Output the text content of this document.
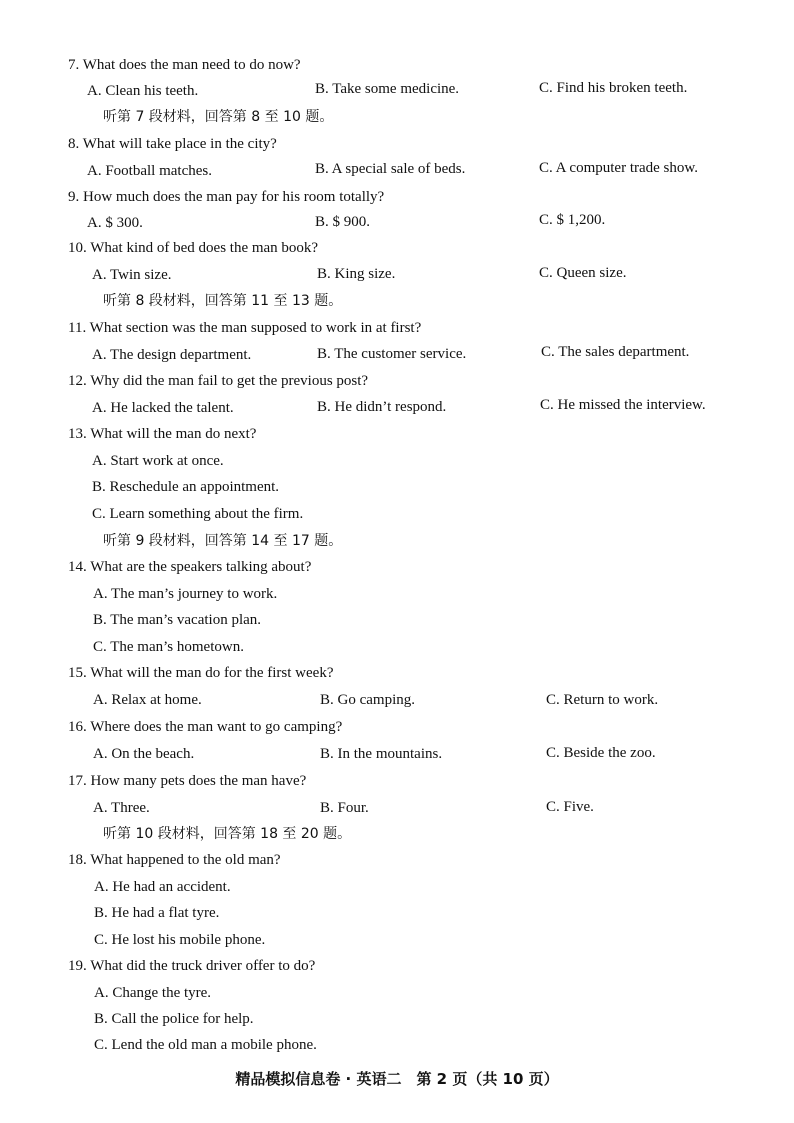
7. What does the man need to do now?
A. Clean his teeth.	B. Take some medicine.	C. Find his broken teeth.
听第 7 段材料，回答第 8 至 10 题。
8. What will take place in the city?
A. Football matches.	B. A special sale of beds.	C. A computer trade show.
9. How much does the man pay for his room totally?
A. $ 300.	B. $ 900.	C. $ 1,200.
10. What kind of bed does the man book?
A. Twin size.	B. King size.	C. Queen size.
听第 8 段材料，回答第 11 至 13 题。
11. What section was the man supposed to work in at first?
A. The design department.	B. The customer service.	C. The sales department.
12. Why did the man fail to get the previous post?
A. He lacked the talent.	B. He didn’t respond.	C. He missed the interview.
13. What will the man do next?
A. Start work at once.
B. Reschedule an appointment.
C. Learn something about the firm.
听第 9 段材料，回答第 14 至 17 题。
14. What are the speakers talking about?
A. The man’s journey to work.
B. The man’s vacation plan.
C. The man’s hometown.
15. What will the man do for the first week?
A. Relax at home.	B. Go camping.	C. Return to work.
16. Where does the man want to go camping?
A. On the beach.	B. In the mountains.	C. Beside the zoo.
17. How many pets does the man have?
A. Three.	B. Four.	C. Five.
听第 10 段材料，回答第 18 至 20 题。
18. What happened to the old man?
A. He had an accident.
B. He had a flat tyre.
C. He lost his mobile phone.
19. What did the truck driver offer to do?
A. Change the tyre.
B. Call the police for help.
C. Lend the old man a mobile phone.
精品模拟信息卷 · 英语二　第 2 页（共 10 页）
